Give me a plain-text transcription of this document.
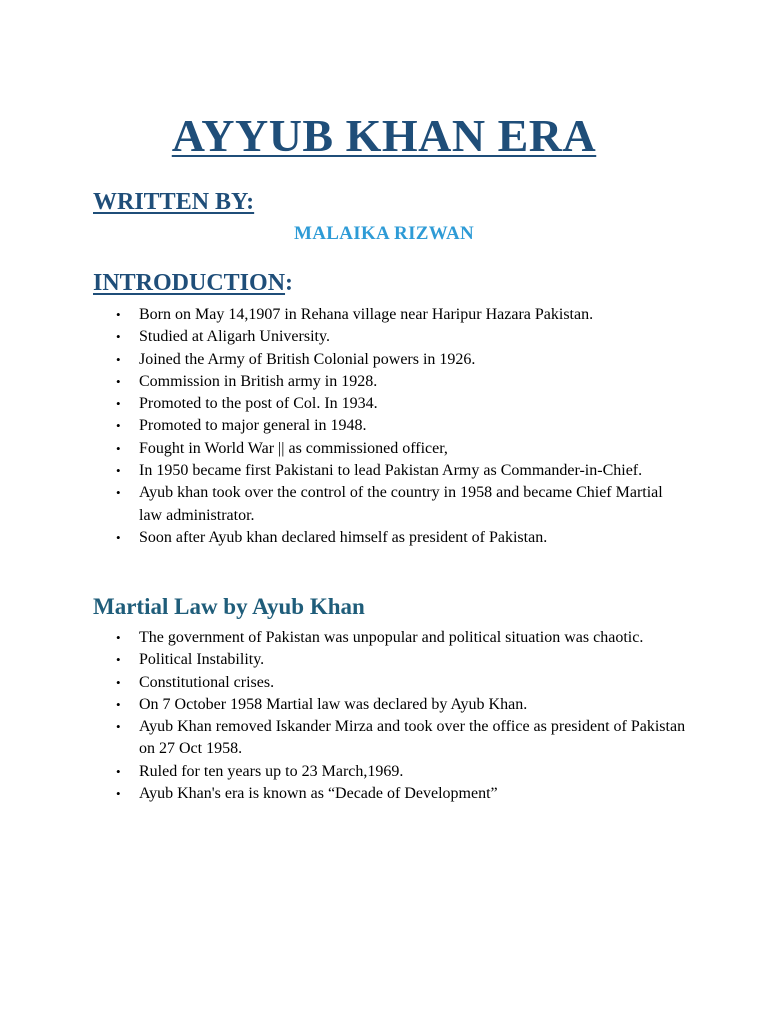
AYYUB KHAN ERA
WRITTEN BY:
MALAIKA RIZWAN
INTRODUCTION:
• Born on May 14,1907 in Rehana village near Haripur Hazara Pakistan.
• Studied at Aligarh University.
• Joined the Army of British Colonial powers in 1926.
• Commission in British army in 1928.
• Promoted to the post of Col. In 1934.
• Promoted to major general in 1948.
• Fought in World War || as commissioned officer,
• In 1950 became first Pakistani to lead Pakistan Army as Commander-in-Chief.
• Ayub khan took over the control of the country in 1958 and became Chief Martial law administrator.
• Soon after Ayub khan declared himself as president of Pakistan.
Martial Law by Ayub Khan
• The government of Pakistan was unpopular and political situation was chaotic.
• Political Instability.
• Constitutional crises.
• On 7 October 1958 Martial law was declared by Ayub Khan.
• Ayub Khan removed Iskander Mirza and took over the office as president of Pakistan on 27 Oct 1958.
• Ruled for ten years up to 23 March,1969.
• Ayub Khan's era is known as “Decade of Development”
